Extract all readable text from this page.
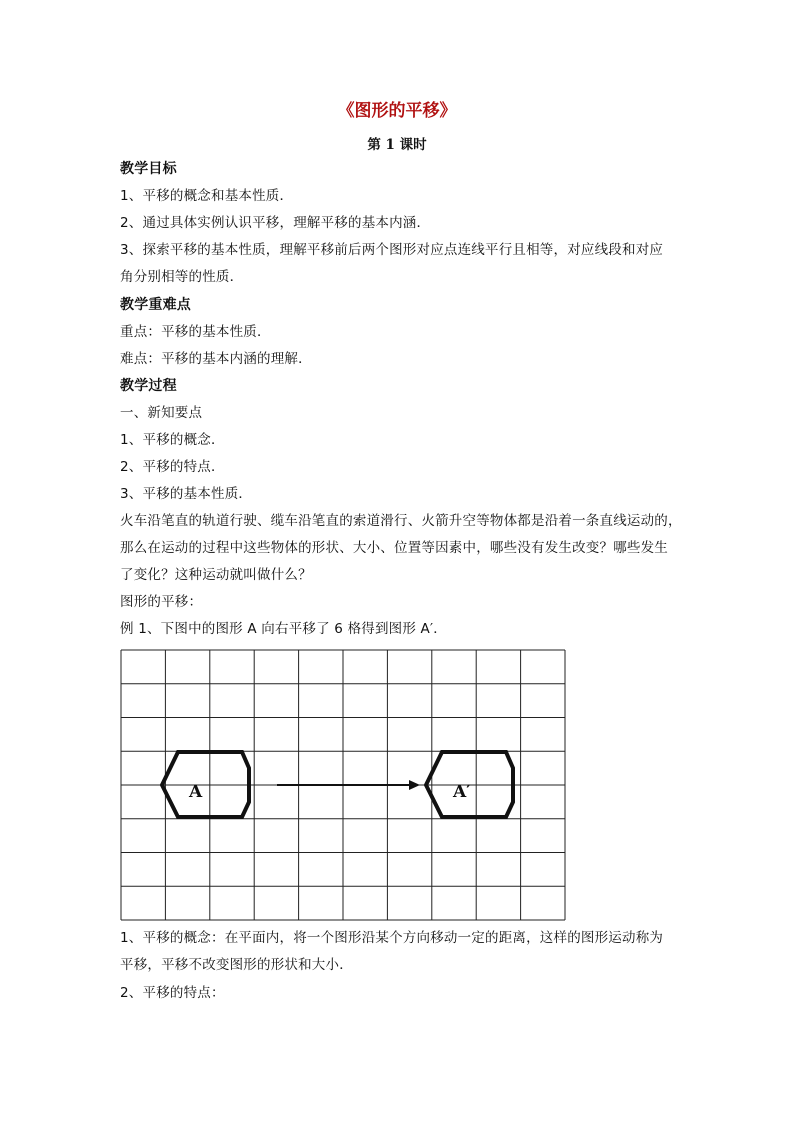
《图形的平移》
第 1 课时
教学目标
1、平移的概念和基本性质．
2、通过具体实例认识平移，理解平移的基本内涵．
3、探索平移的基本性质，理解平移前后两个图形对应点连线平行且相等，对应线段和对应
角分别相等的性质．
教学重难点
重点：平移的基本性质．
难点：平移的基本内涵的理解．
教学过程
一、新知要点
1、平移的概念．
2、平移的特点．
3、平移的基本性质．
火车沿笔直的轨道行驶、缆车沿笔直的索道滑行、火箭升空等物体都是沿着一条直线运动的，
那么在运动的过程中这些物体的形状、大小、位置等因素中，哪些没有发生改变？哪些发生
了变化？这种运动就叫做什么？
图形的平移：
例 1、下图中的图形 A 向右平移了 6 格得到图形 A′．
A	A′
1、平移的概念：在平面内，将一个图形沿某个方向移动一定的距离，这样的图形运动称为
平移，平移不改变图形的形状和大小．
2、平移的特点：
